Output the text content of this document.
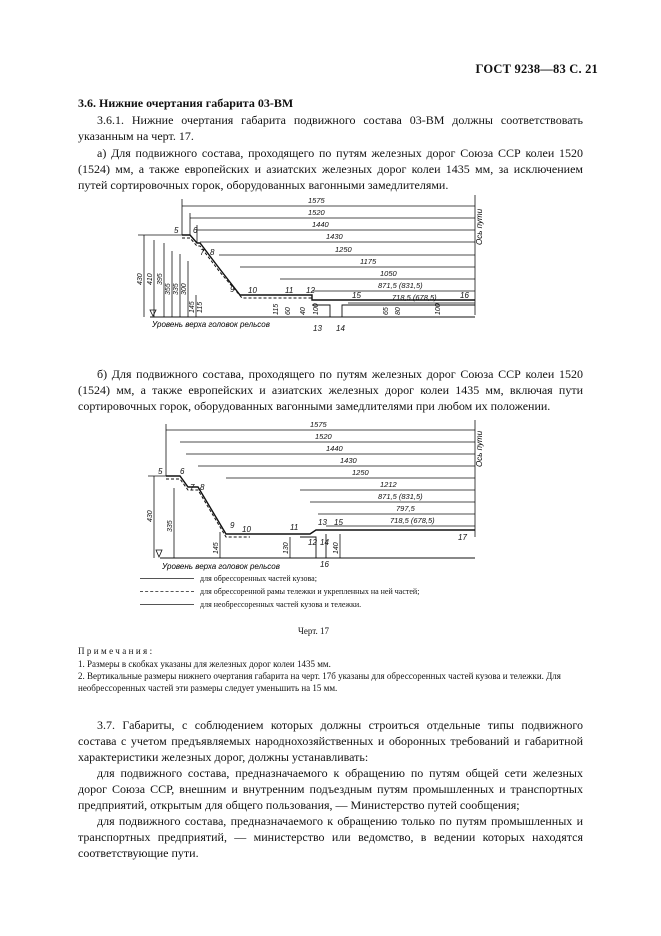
ГОСТ 9238—83 С. 21
3.6. Нижние очертания габарита 03-ВМ
3.6.1. Нижние очертания габарита подвижного состава 03-ВМ должны соответствовать указанным на черт. 17.
а) Для подвижного состава, проходящего по путям железных дорог Союза ССР колеи 1520 (1524) мм, а также европейских и азиатских железных дорог колеи 1435 мм, за исключением путей сортировочных горок, оборудованных вагонными замедлителями.
5 6
7 8
9 10	11 12
13 14
15	16
1575
1520
1440
1430
1250
1175
1050
871,5 (831,5)
718,5 (678,5)
Ось пути
430 410 395
355 335 300
145 115	115 60 40 100	65 80	100
Уровень верха головок рельсов
б) Для подвижного состава, проходящего по путям железных дорог Союза ССР колеи 1520 (1524) мм, а также европейских и азиатских железных дорог колеи 1435 мм, включая пути сортировочных горок, оборудованных вагонными замедлителями при любом их положении.
5 6
7 8
9 10	11
12
13
14
15
17
16
1575
1520
1440
1430
1250
1212
871,5 (831,5)
797,5
718,5 (678,5)
Ось пути
430
335
145	130	140
Уровень верха головок рельсов
для обрессоренных частей кузова;
для обрессоренной рамы тележки и укрепленных на ней частей;
для необрессоренных частей кузова и тележки.
Черт. 17
Примечания:
1. Размеры в скобках указаны для железных дорог колеи 1435 мм.
2. Вертикальные размеры нижнего очертания габарита на черт. 17б указаны для обрессоренных частей кузова и тележки. Для необрессоренных частей эти размеры следует уменьшить на 15 мм.
3.7. Габариты, с соблюдением которых должны строиться отдельные типы подвижного состава с учетом предъявляемых народнохозяйственных и оборонных требований и габаритной характеристики железных дорог, должны устанавливать:
для подвижного состава, предназначаемого к обращению по путям общей сети железных дорог Союза ССР, внешним и внутренним подъездным путям промышленных и транспортных предприятий, открытым для общего пользования, — Министерство путей сообщения;
для подвижного состава, предназначаемого к обращению только по путям промышленных и транспортных предприятий, — министерство или ведомство, в ведении которых находятся соответствующие пути.
